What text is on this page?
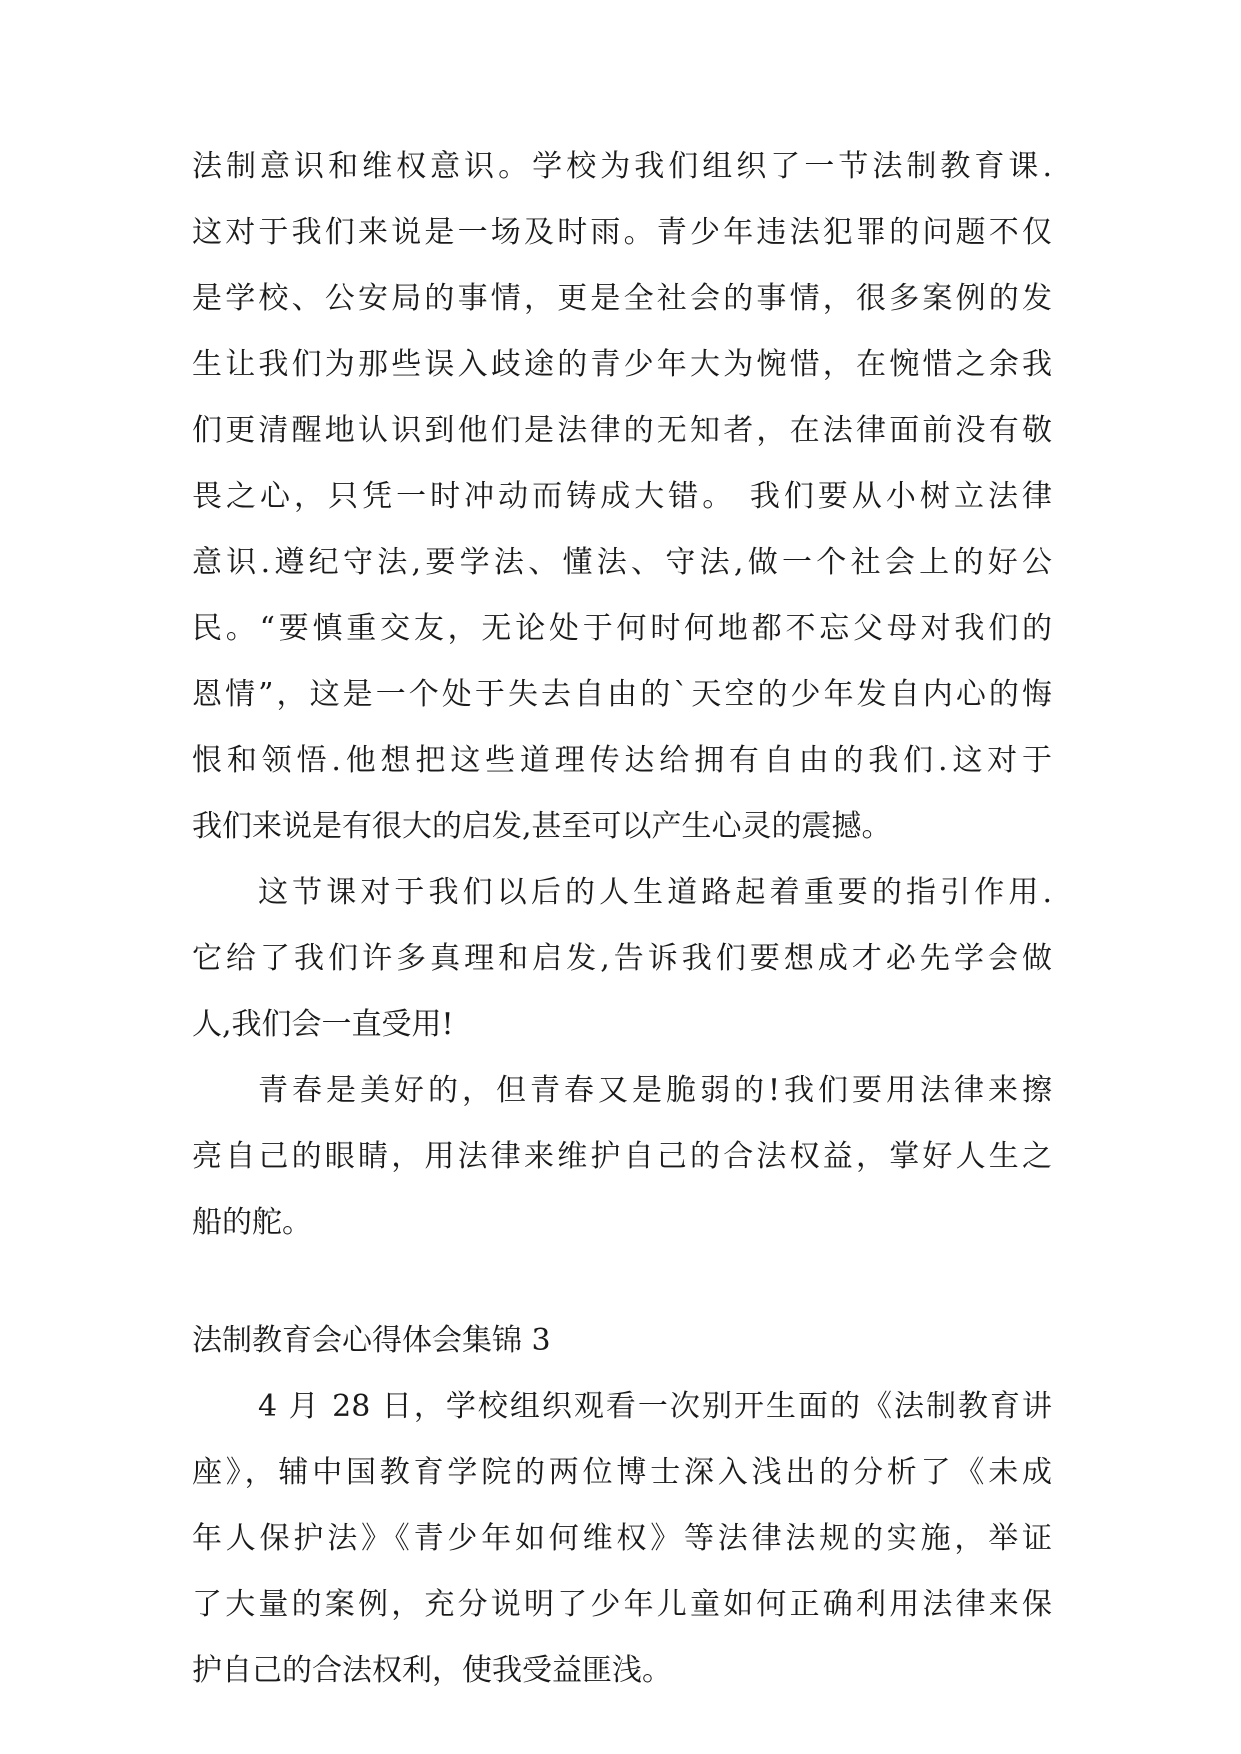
法制意识和维权意识。学校为我们组织了一节法制教育课.
这对于我们来说是一场及时雨。青少年违法犯罪的问题不仅
是学校、公安局的事情，更是全社会的事情，很多案例的发
生让我们为那些误入歧途的青少年大为惋惜，在惋惜之余我
们更清醒地认识到他们是法律的无知者，在法律面前没有敬
畏之心，只凭一时冲动而铸成大错。 我们要从小树立法律
意识.遵纪守法,要学法、懂法、守法,做一个社会上的好公
民。“要慎重交友，无论处于何时何地都不忘父母对我们的
恩情”，这是一个处于失去自由的`天空的少年发自内心的悔
恨和领悟.他想把这些道理传达给拥有自由的我们.这对于
我们来说是有很大的启发,甚至可以产生心灵的震撼。
这节课对于我们以后的人生道路起着重要的指引作用.
它给了我们许多真理和启发,告诉我们要想成才必先学会做
人,我们会一直受用!
青春是美好的，但青春又是脆弱的!我们要用法律来擦
亮自己的眼睛，用法律来维护自己的合法权益，掌好人生之
船的舵。
法制教育会心得体会集锦 3
4 月 28 日，学校组织观看一次别开生面的《法制教育讲
座》，辅中国教育学院的两位博士深入浅出的分析了《未成
年人保护法》《青少年如何维权》等法律法规的实施，举证
了大量的案例，充分说明了少年儿童如何正确利用法律来保
护自己的合法权利，使我受益匪浅。
